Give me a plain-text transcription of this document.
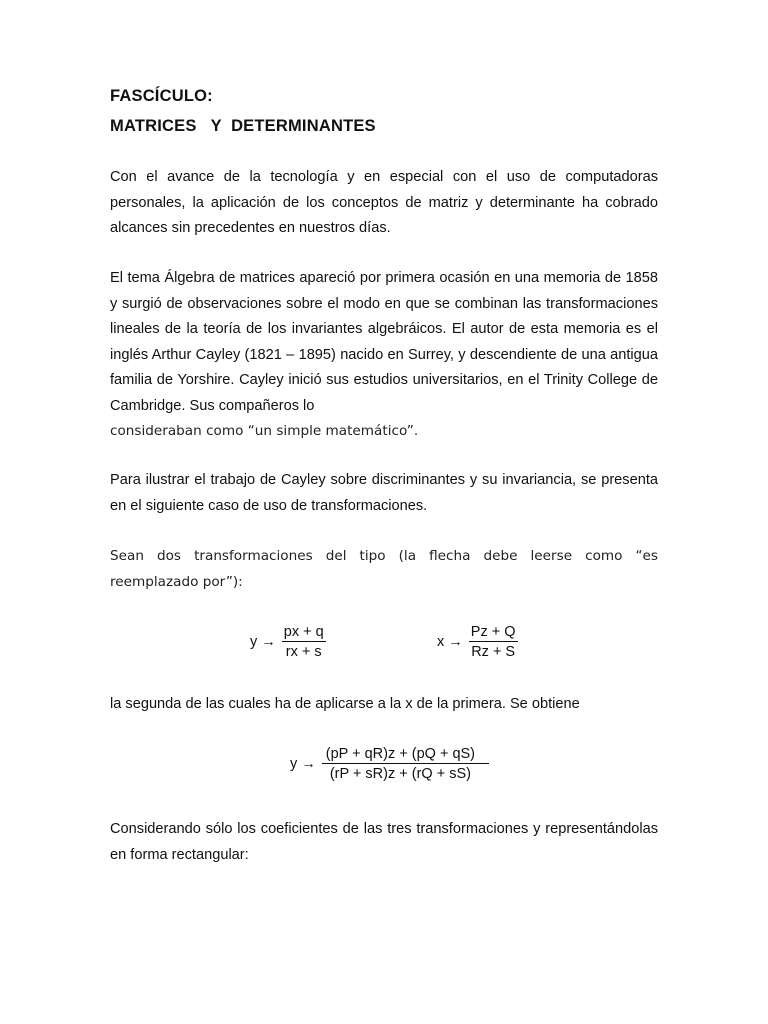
FASCÍCULO:
MATRICES   Y  DETERMINANTES
Con el avance de la tecnología y en especial con el uso de computadoras personales, la aplicación de los conceptos de matriz y determinante ha cobrado alcances sin precedentes en nuestros días.
El tema Álgebra de matrices apareció por primera ocasión en una memoria de 1858 y surgió de observaciones sobre el modo en que se combinan las transformaciones lineales de la teoría de los invariantes algebráicos. El autor de esta memoria es el inglés Arthur Cayley (1821 – 1895) nacido en Surrey, y descendiente de una antigua familia de Yorshire. Cayley inició sus estudios universitarios, en el Trinity College de Cambridge. Sus compañeros lo
consideraban como “un simple matemático”.
Para ilustrar el trabajo de Cayley sobre discriminantes y su invariancia, se presenta en el siguiente caso de uso de transformaciones.
Sean dos transformaciones del tipo (la flecha debe leerse como “es reemplazado por”):
$y \to \frac{px + q}{rx + s}$	$x \to \frac{Pz + Q}{Rz + S}$
la segunda de las cuales ha de aplicarse a la x de la primera. Se obtiene
$y \to \frac{(pP + qR)z + (pQ + qS)}{(rP + sR)z + (rQ + sS)}$
Considerando sólo los coeficientes de las tres transformaciones y representándolas en forma rectangular:
